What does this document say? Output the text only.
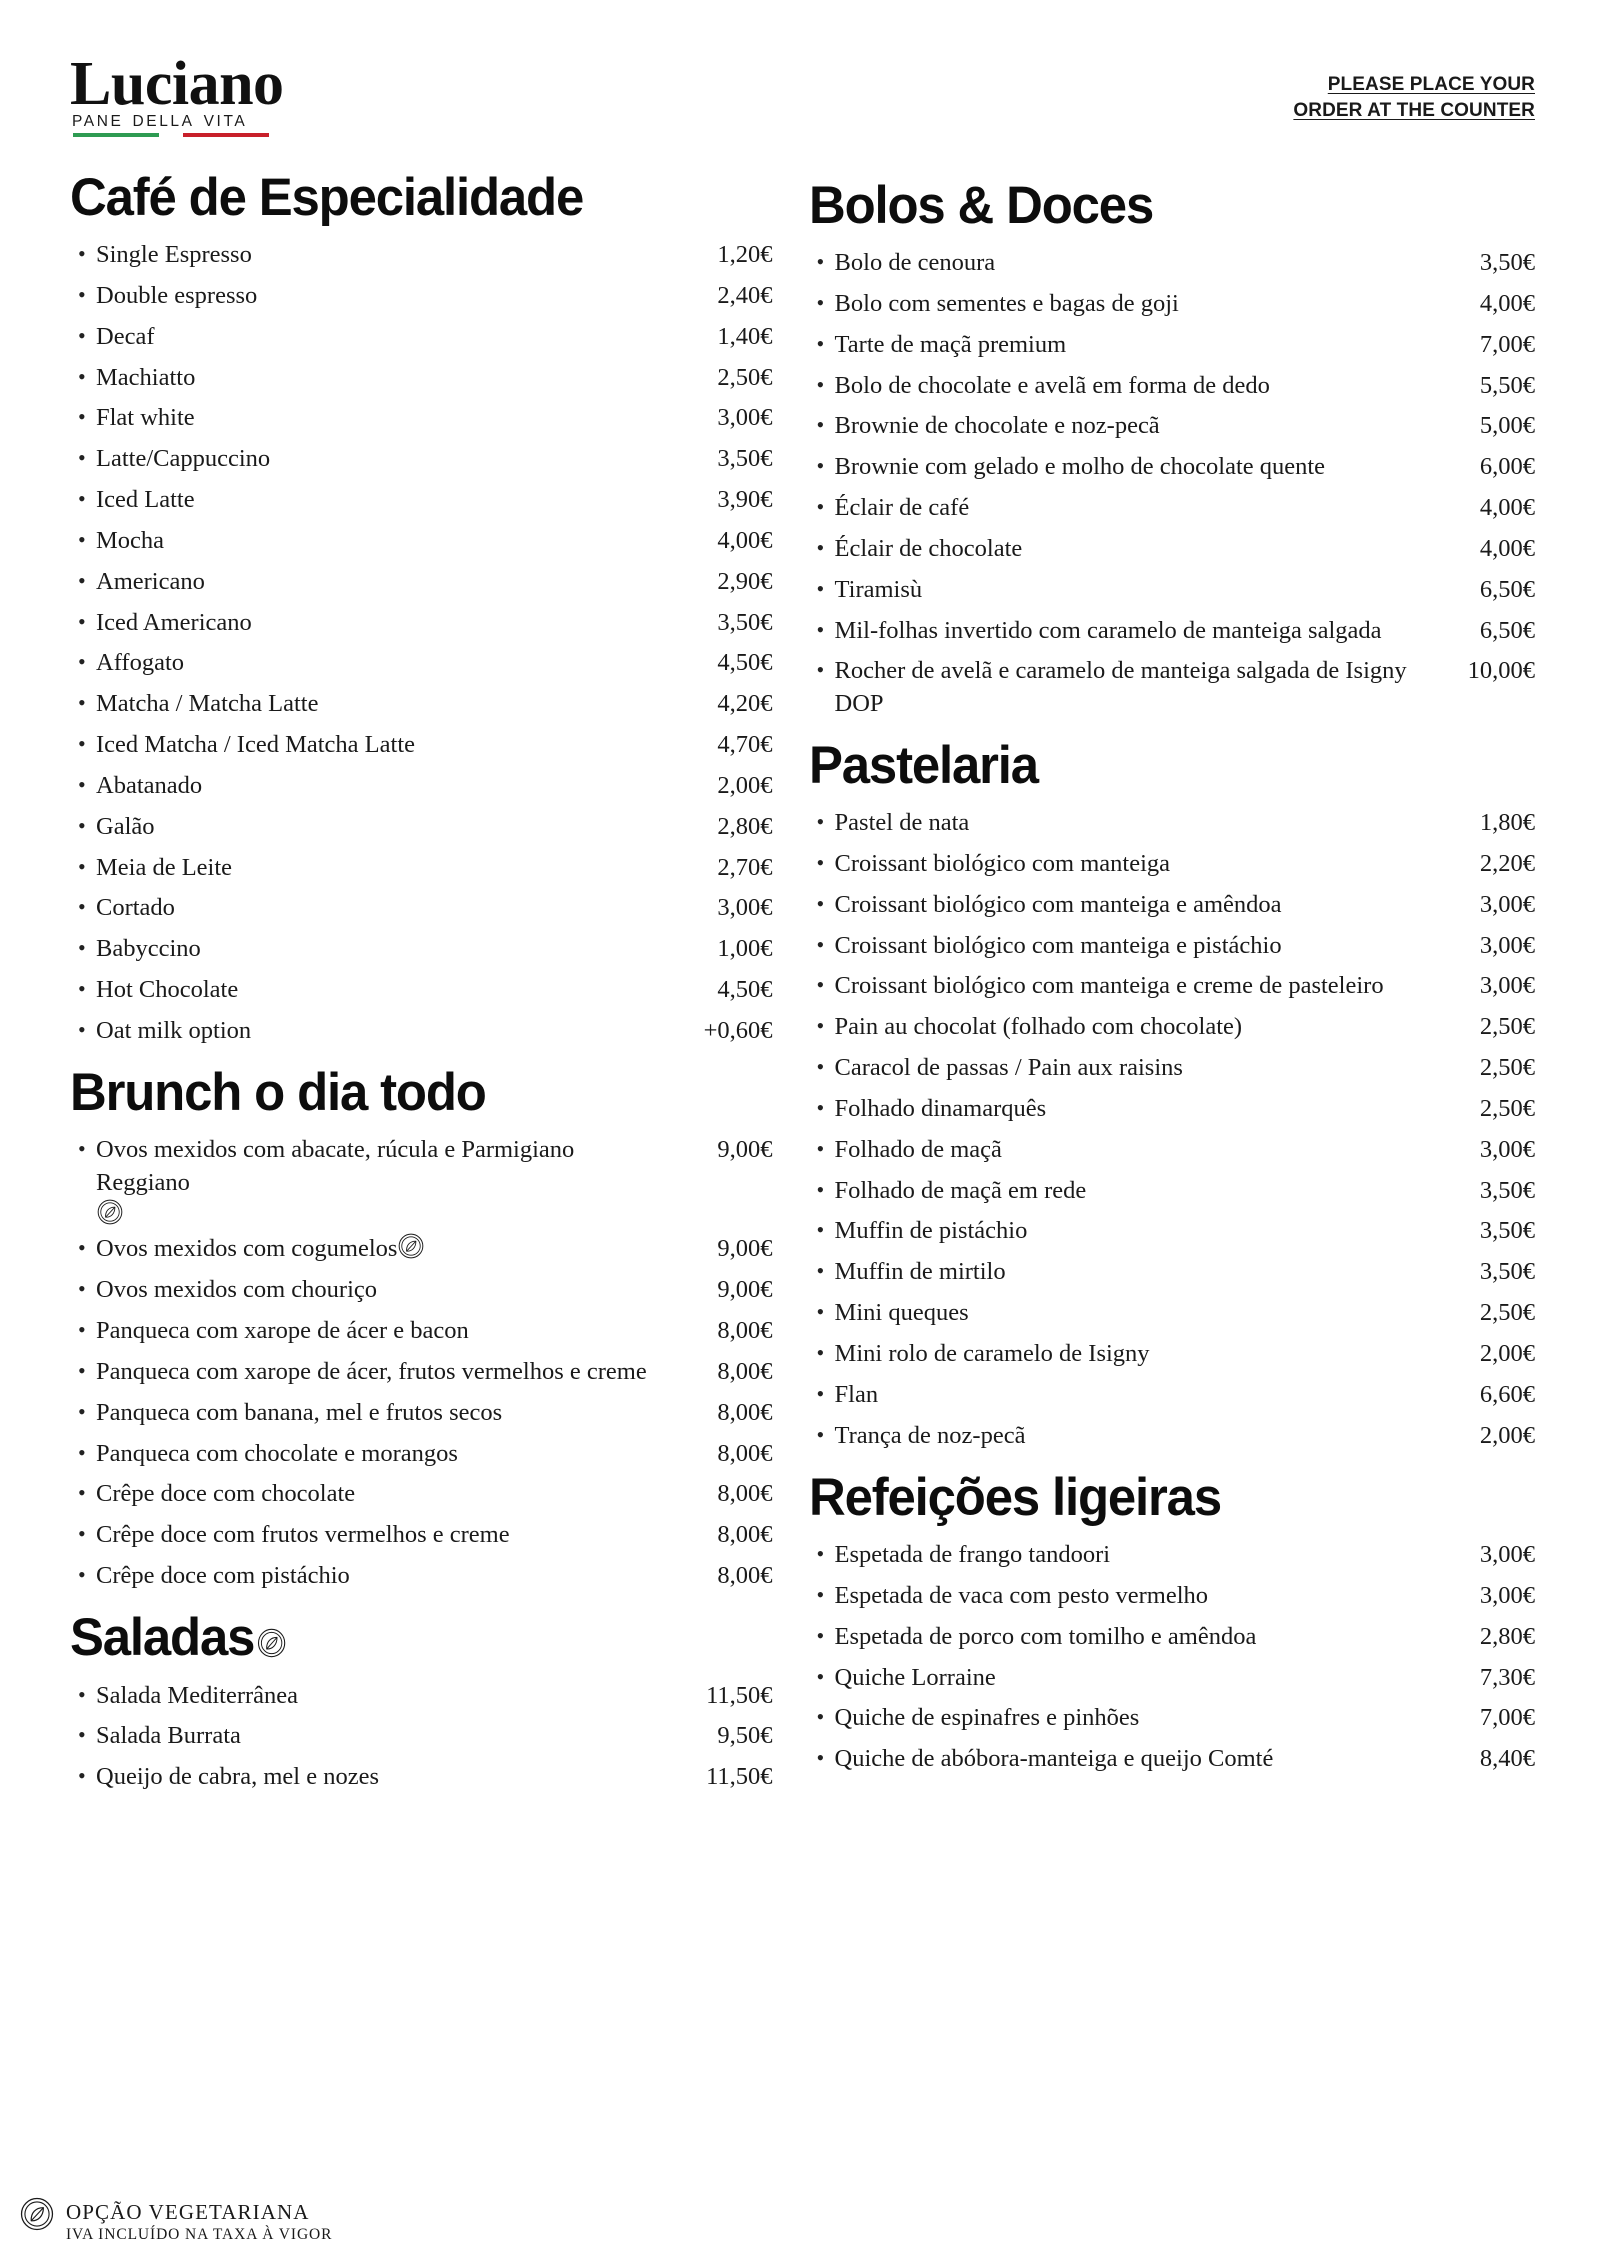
Luciano
PANE DELLA VITA
PLEASE PLACE YOUR
ORDER AT THE COUNTER
Café de Especialidade
• Single Espresso	1,20€
• Double espresso	2,40€
• Decaf	1,40€
• Machiatto	2,50€
• Flat white	3,00€
• Latte/Cappuccino	3,50€
• Iced Latte	3,90€
• Mocha	4,00€
• Americano	2,90€
• Iced Americano	3,50€
• Affogato	4,50€
• Matcha / Matcha Latte	4,20€
• Iced Matcha / Iced Matcha Latte	4,70€
• Abatanado	2,00€
• Galão	2,80€
• Meia de Leite	2,70€
• Cortado	3,00€
• Babyccino	1,00€
• Hot Chocolate	4,50€
• Oat milk option	+0,60€
Brunch o dia todo
• Ovos mexidos com abacate, rúcula e Parmigiano Reggiano
9,00€
• Ovos mexidos com cogumelos	9,00€
• Ovos mexidos com chouriço	9,00€
• Panqueca com xarope de ácer e bacon	8,00€
• Panqueca com xarope de ácer, frutos vermelhos e creme	8,00€
• Panqueca com banana, mel e frutos secos	8,00€
• Panqueca com chocolate e morangos	8,00€
• Crêpe doce com chocolate	8,00€
• Crêpe doce com frutos vermelhos e creme	8,00€
• Crêpe doce com pistáchio	8,00€
Saladas
• Salada Mediterrânea	11,50€
• Salada Burrata	9,50€
• Queijo de cabra, mel e nozes	11,50€
Bolos & Doces
• Bolo de cenoura	3,50€
• Bolo com sementes e bagas de goji	4,00€
• Tarte de maçã premium	7,00€
• Bolo de chocolate e avelã em forma de dedo	5,50€
• Brownie de chocolate e noz-pecã	5,00€
• Brownie com gelado e molho de chocolate quente	6,00€
• Éclair de café	4,00€
• Éclair de chocolate	4,00€
• Tiramisù	6,50€
• Mil-folhas invertido com caramelo de manteiga salgada	6,50€
• Rocher de avelã e caramelo de manteiga salgada de Isigny DOP
10,00€
Pastelaria
• Pastel de nata	1,80€
• Croissant biológico com manteiga	2,20€
• Croissant biológico com manteiga e amêndoa	3,00€
• Croissant biológico com manteiga e pistáchio	3,00€
• Croissant biológico com manteiga e creme de pasteleiro	3,00€
• Pain au chocolat (folhado com chocolate)	2,50€
• Caracol de passas / Pain aux raisins	2,50€
• Folhado dinamarquês	2,50€
• Folhado de maçã	3,00€
• Folhado de maçã em rede	3,50€
• Muffin de pistáchio	3,50€
• Muffin de mirtilo	3,50€
• Mini queques	2,50€
• Mini rolo de caramelo de Isigny	2,00€
• Flan	6,60€
• Trança de noz-pecã	2,00€
Refeições ligeiras
• Espetada de frango tandoori	3,00€
• Espetada de vaca com pesto vermelho	3,00€
• Espetada de porco com tomilho e amêndoa	2,80€
• Quiche Lorraine	7,30€
• Quiche de espinafres e pinhões	7,00€
• Quiche de abóbora-manteiga e queijo Comté	8,40€
OPÇÃO VEGETARIANA
IVA INCLUÍDO NA TAXA À VIGOR
